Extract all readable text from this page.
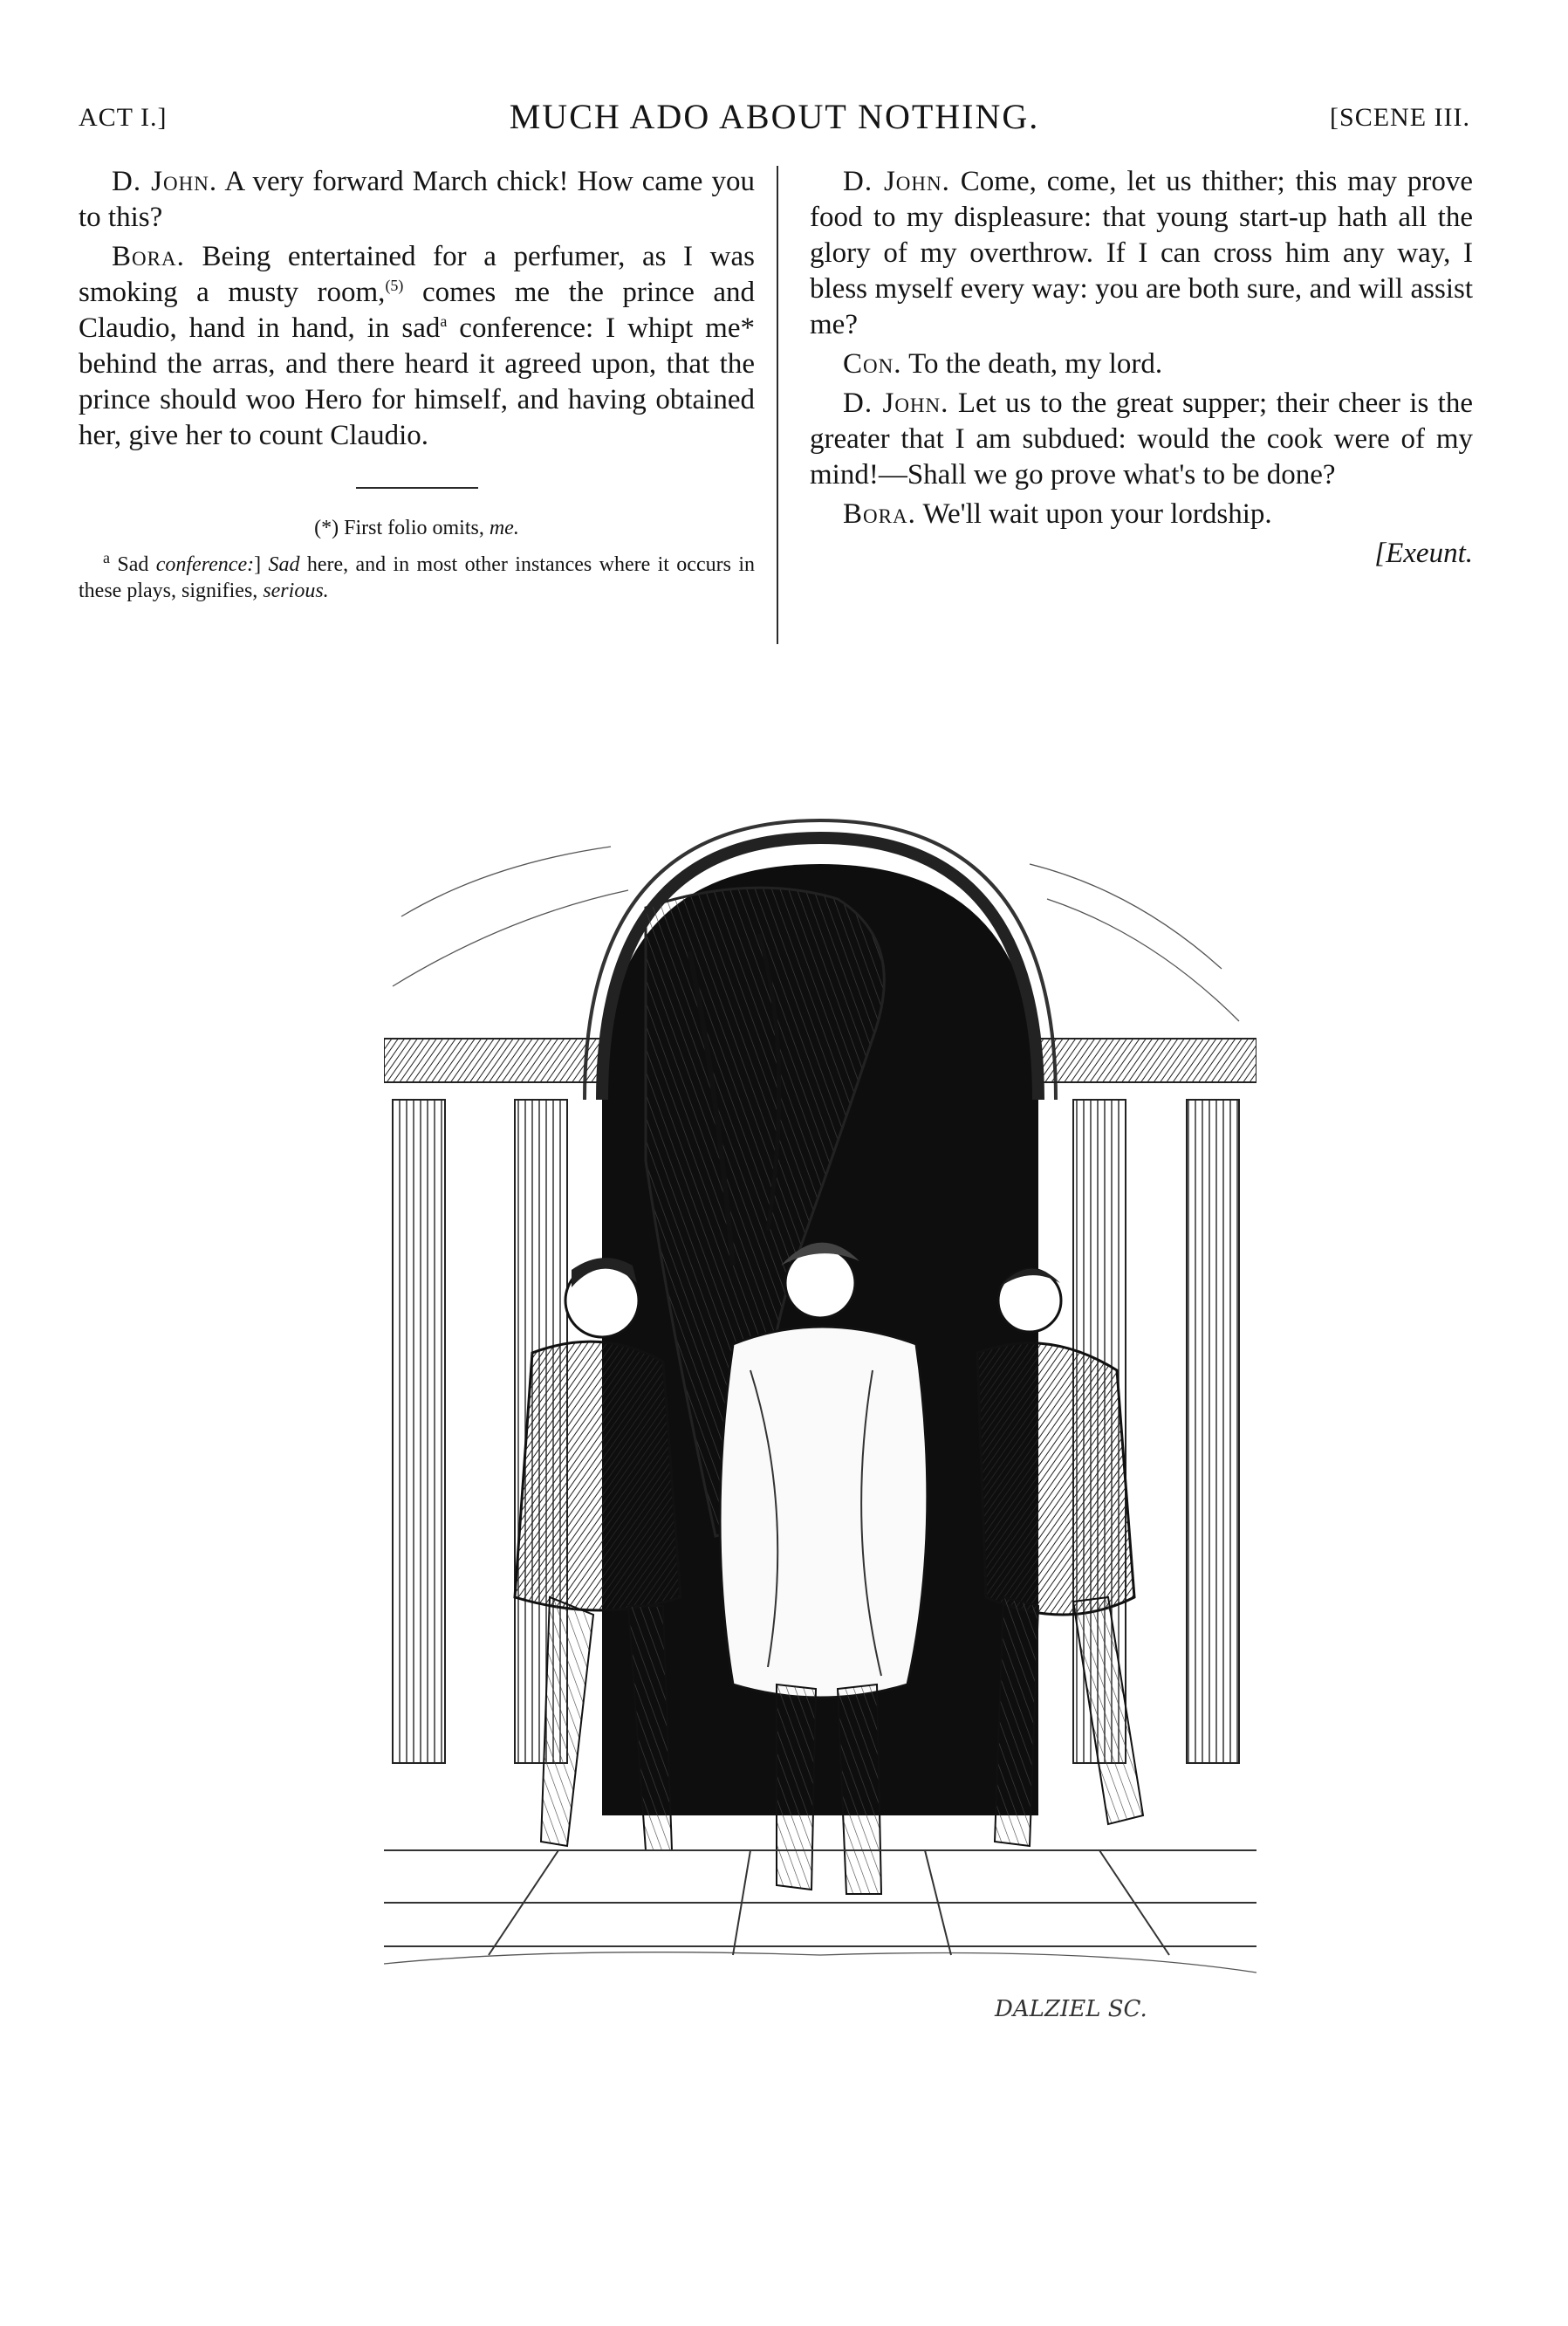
ACT I.]	MUCH ADO ABOUT NOTHING.	[SCENE III.

D. John. A very forward March chick! How came you to this?

Bora. Being entertained for a perfumer, as I was smoking a musty room,$^{(5)}$ comes me the prince and Claudio, hand in hand, in sad$^a$ conference: I whipt me* behind the arras, and there heard it agreed upon, that the prince should woo Hero for himself, and having obtained her, give her to count Claudio.

(*) First folio omits, me.

$^a$ Sad conference:] Sad here, and in most other instances where it occurs in these plays, signifies, serious.

D. John. Come, come, let us thither; this may prove food to my displeasure: that young start-up hath all the glory of my overthrow. If I can cross him any way, I bless myself every way: you are both sure, and will assist me?

Con. To the death, my lord.

D. John. Let us to the great supper; their cheer is the greater that I am subdued: would the cook were of my mind!—Shall we go prove what's to be done?

Bora. We'll wait upon your lordship.

[Exeunt.

DALZIEL SC.
